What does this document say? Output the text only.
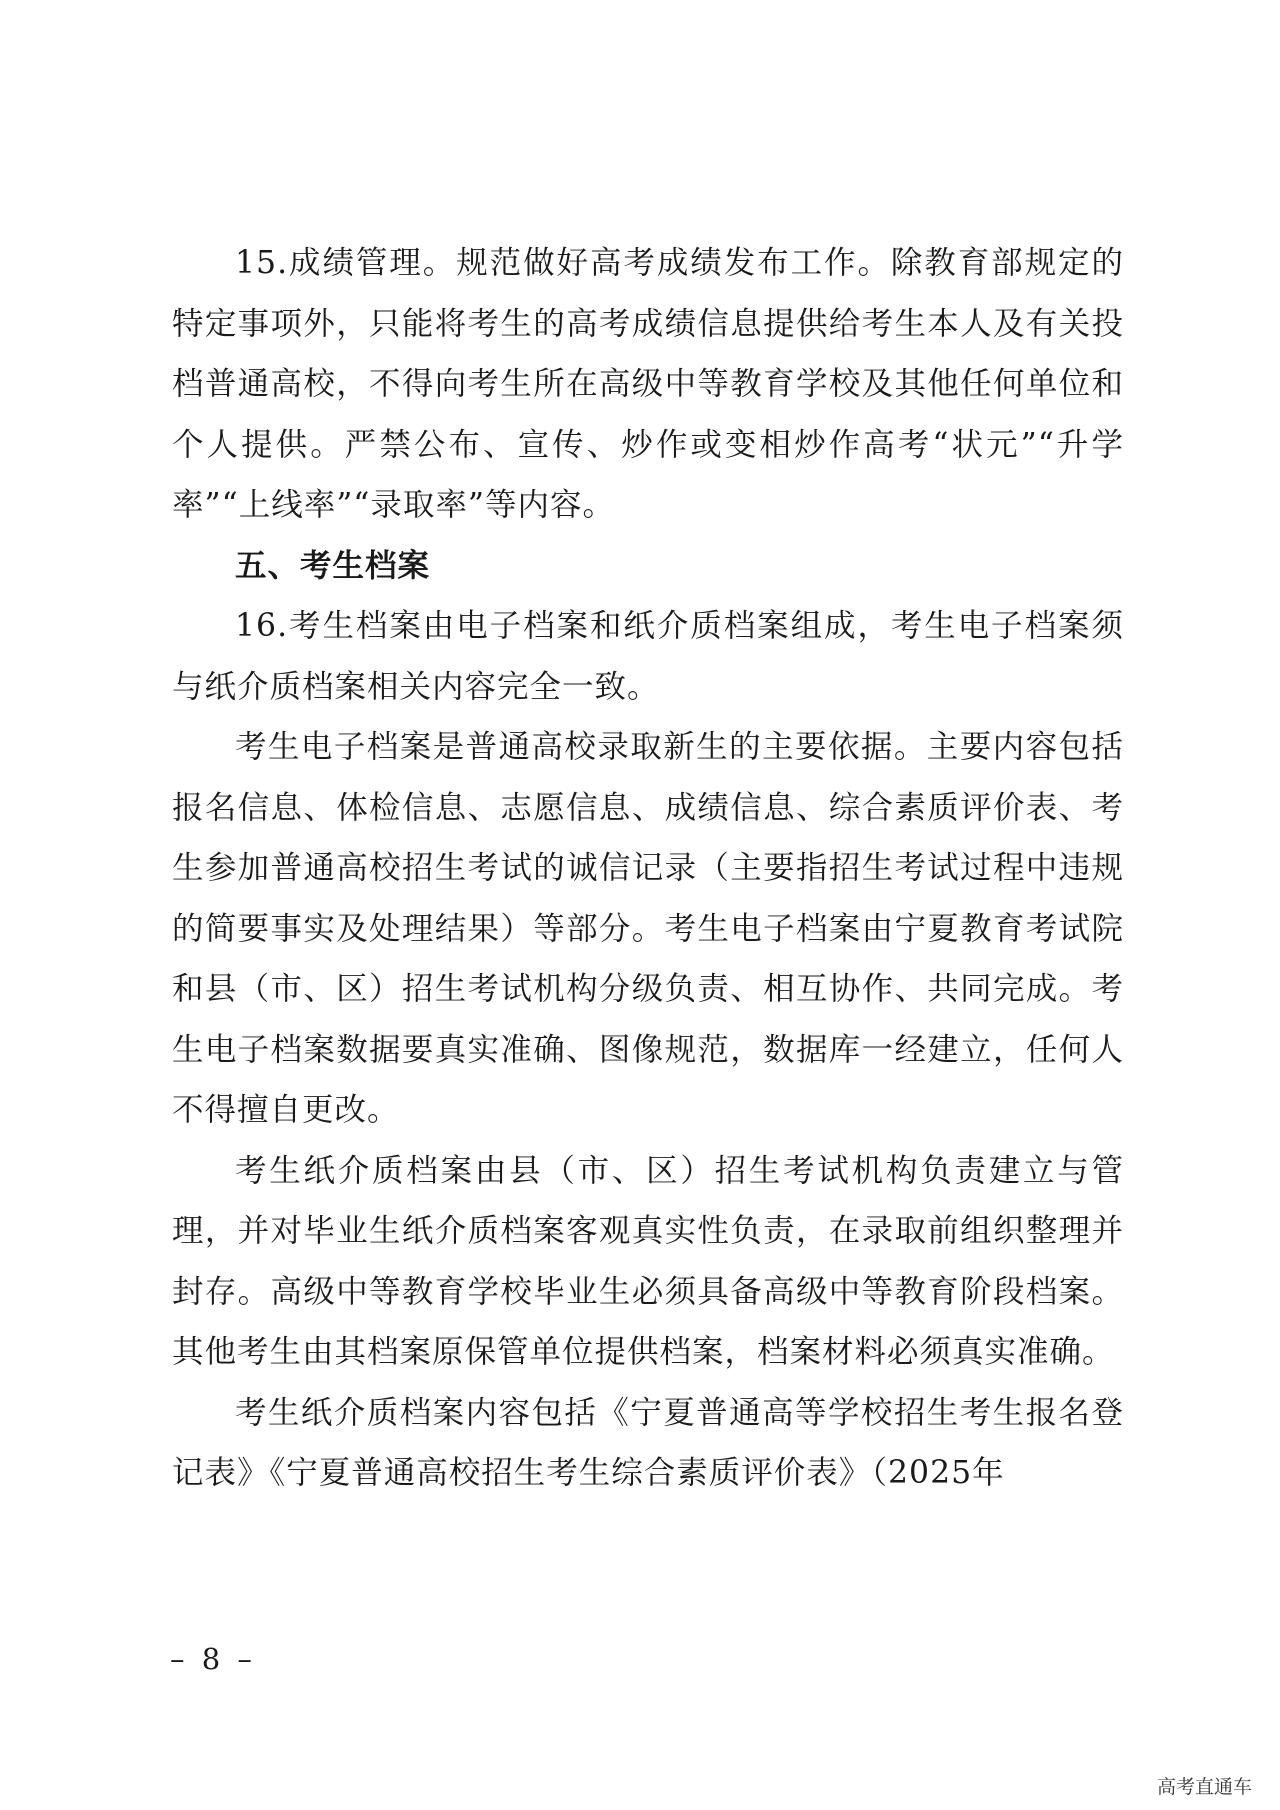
15.成绩管理。规范做好高考成绩发布工作。除教育部规定的特定事项外，只能将考生的高考成绩信息提供给考生本人及有关投档普通高校，不得向考生所在高级中等教育学校及其他任何单位和个人提供。严禁公布、宣传、炒作或变相炒作高考“状元”“升学率”“上线率”“录取率”等内容。

五、考生档案

16.考生档案由电子档案和纸介质档案组成，考生电子档案须与纸介质档案相关内容完全一致。

考生电子档案是普通高校录取新生的主要依据。主要内容包括报名信息、体检信息、志愿信息、成绩信息、综合素质评价表、考生参加普通高校招生考试的诚信记录（主要指招生考试过程中违规的简要事实及处理结果）等部分。考生电子档案由宁夏教育考试院和县（市、区）招生考试机构分级负责、相互协作、共同完成。考生电子档案数据要真实准确、图像规范，数据库一经建立，任何人不得擅自更改。

考生纸介质档案由县（市、区）招生考试机构负责建立与管理，并对毕业生纸介质档案客观真实性负责，在录取前组织整理并封存。高级中等教育学校毕业生必须具备高级中等教育阶段档案。其他考生由其档案原保管单位提供档案，档案材料必须真实准确。

考生纸介质档案内容包括《宁夏普通高等学校招生考生报名登记表》《宁夏普通高校招生考生综合素质评价表》（2025年

– 8 –
高考直通车
